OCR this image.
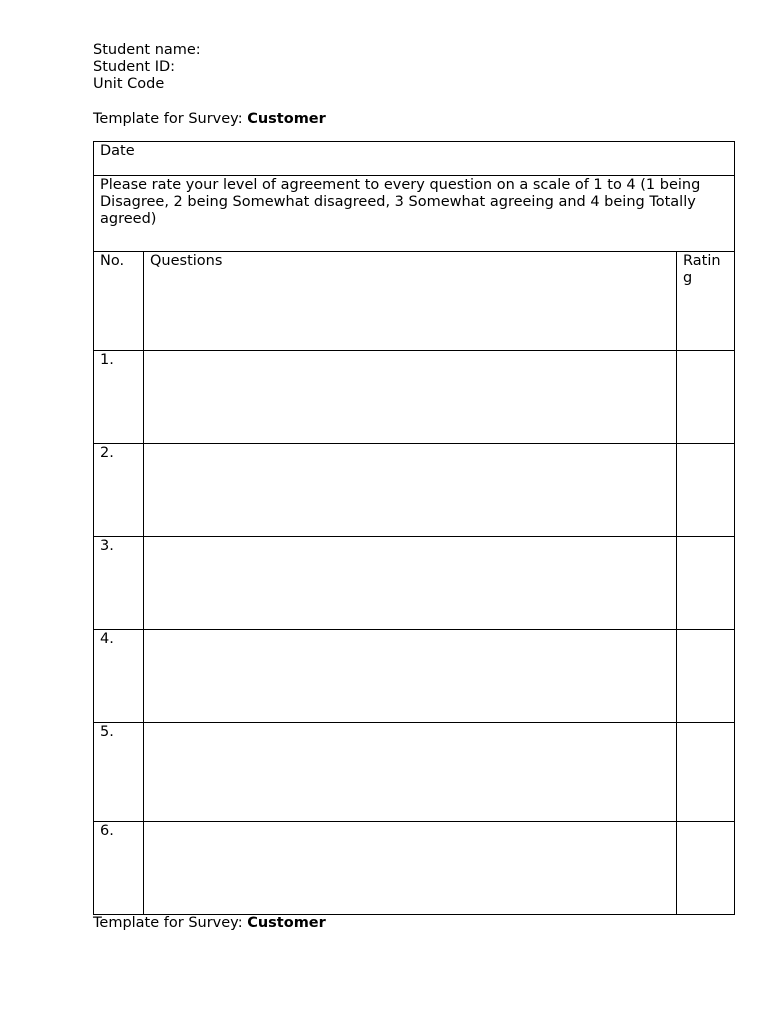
Student name:
Student ID:
Unit Code
Template for Survey: Customer
Date		

Please rate your level of agreement to every question on a scale of 1 to 4 (1 being Disagree, 2 being Somewhat disagreed, 3 Somewhat agreeing and 4 being Totally agreed)		

No.	Questions	Rating

1.		

2.		

3.		

4.		

5.		

6.		

Template for Survey: Customer
